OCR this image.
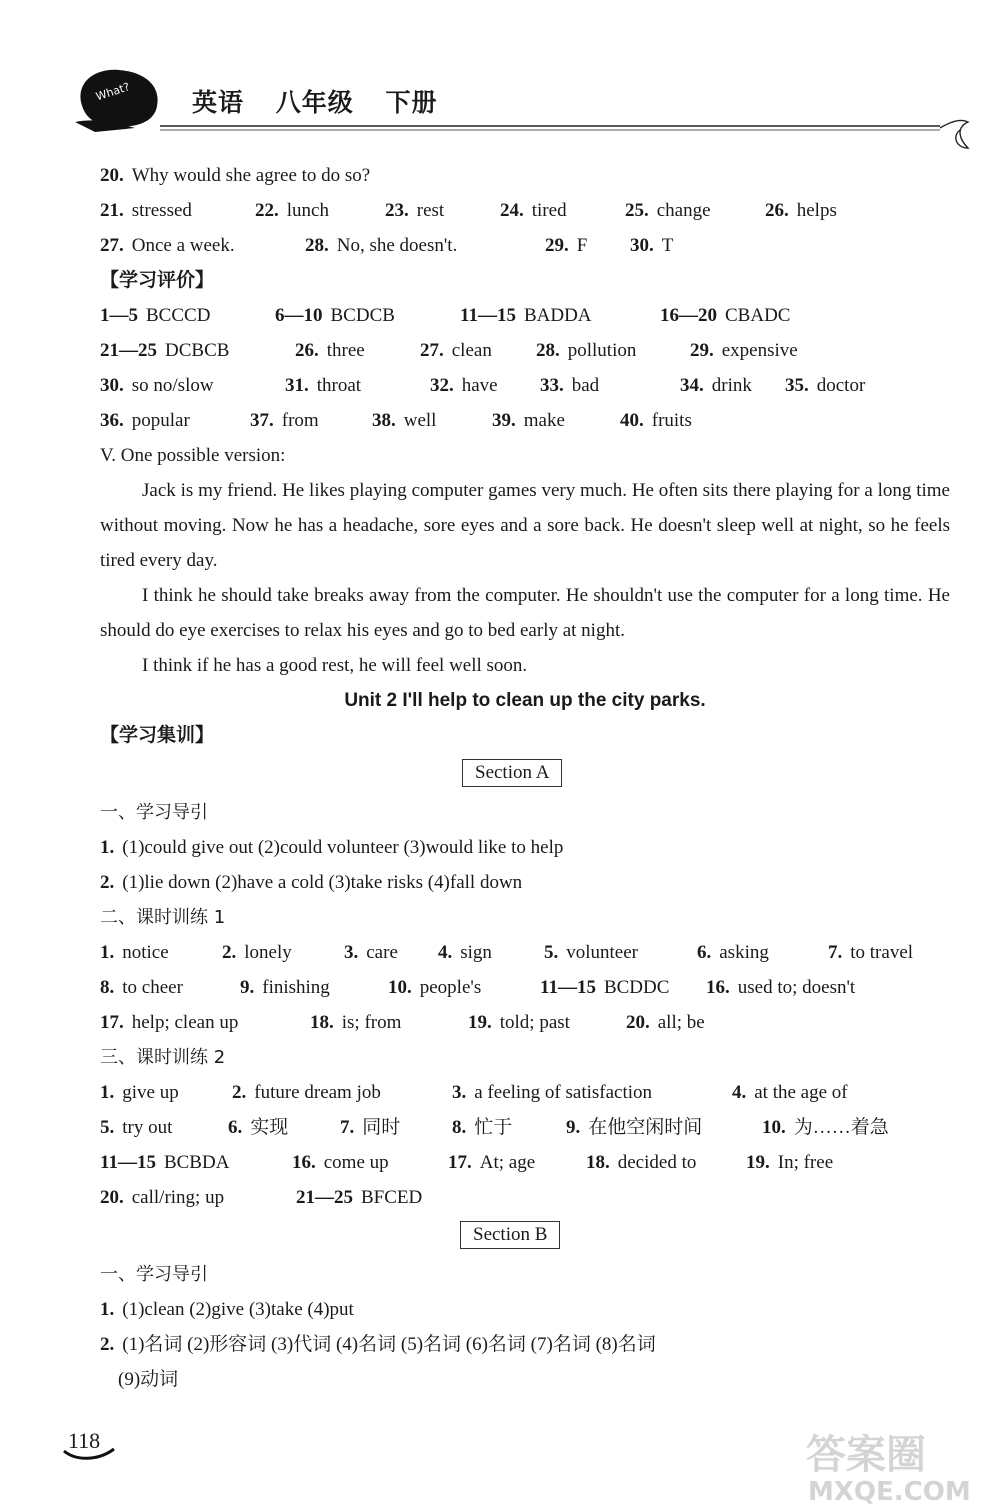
What? 英语 八年级 下册
20. Why would she agree to do so?
21. stressed	22. lunch	23. rest	24. tired	25. change	26. helps
27. Once a week.	28. No, she doesn't.	29. F 30. T
【学习评价】
1—5 BCCCD	6—10 BCDCB	11—15 BADDA	16—20 CBADC
21—25 DCBCB	26. three	27. clean 28. pollution	29. expensive
30. so no/slow	31. throat	32. have 33. bad	34. drink 35. doctor
36. popular	37. from	38. well	39. make	40. fruits
V. One possible version:
Jack is my friend. He likes playing computer games very much. He often sits there playing for a long time without moving. Now he has a headache, sore eyes and a sore back. He doesn't sleep well at night, so he feels tired every day.
I think he should take breaks away from the computer. He shouldn't use the computer for a long time. He should do eye exercises to relax his eyes and go to bed early at night.
I think if he has a good rest, he will feel well soon.
Unit 2 I'll help to clean up the city parks.
【学习集训】
Section A
一、学习导引
1. (1)could give out (2)could volunteer (3)would like to help
2. (1)lie down (2)have a cold (3)take risks (4)fall down
二、课时训练 1
1. notice	2. lonely	3. care 4. sign	5. volunteer	6. asking	7. to travel
8. to cheer	9. finishing	10. people's	11—15 BCDDC 16. used to; doesn't
17. help; clean up	18. is; from	19. told; past	20. all; be
三、课时训练 2
1. give up	2. future dream job	3. a feeling of satisfaction	4. at the age of
5. try out	6. 实现	7. 同时	8. 忙于	9. 在他空闲时间	10. 为……着急
11—15 BCBDA	16. come up	17. At; age	18. decided to	19. In; free
20. call/ring; up	21—25 BFCED
Section B
一、学习导引
1. (1)clean (2)give (3)take (4)put
2. (1)名词 (2)形容词 (3)代词 (4)名词 (5)名词 (6)名词 (7)名词 (8)名词
(9)动词
118	答案圈
MXQE.COM
